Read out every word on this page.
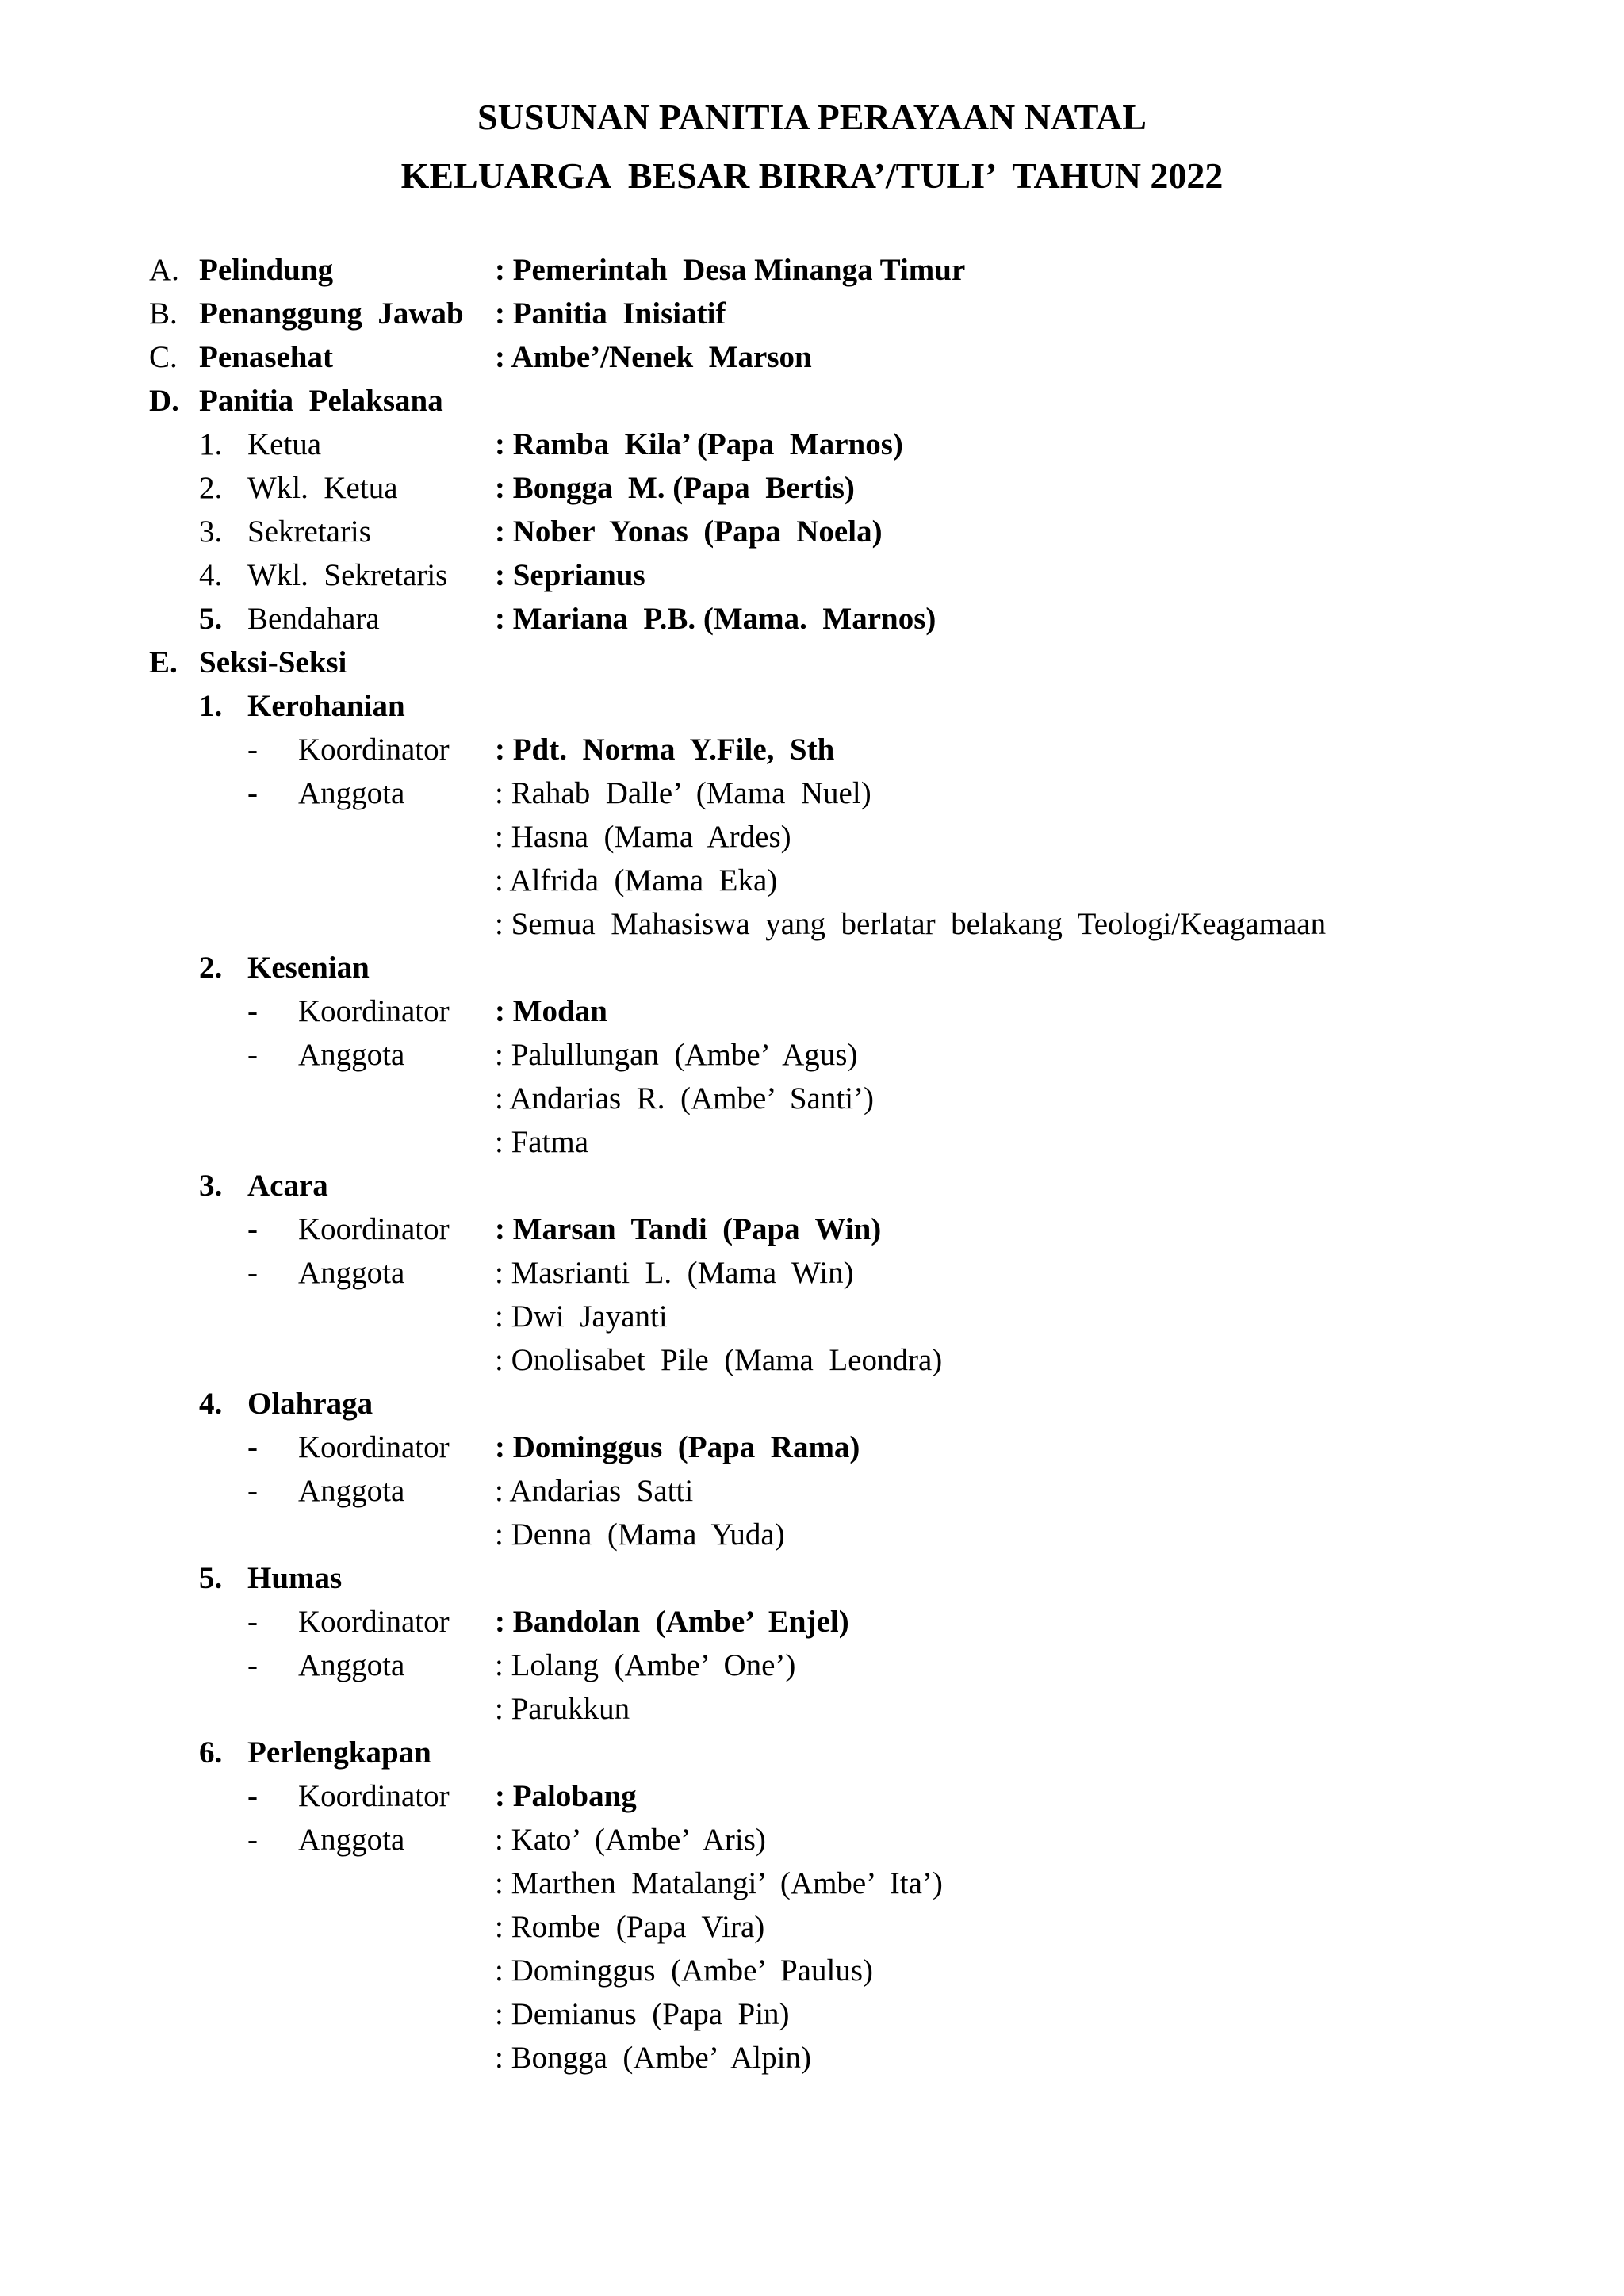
SUSUNAN PANITIA PERAYAAN NATAL
KELUARGA  BESAR BIRRA’/TULI’  TAHUN 2022
A. Pelindung	: Pemerintah  Desa Minanga Timur
B. Penanggung  Jawab : Panitia  Inisiatif
C. Penasehat	: Ambe’/Nenek  Marson
D. Panitia  Pelaksana
1. Ketua	: Ramba  Kila’ (Papa  Marnos)
2. Wkl.  Ketua	: Bongga  M. (Papa  Bertis)
3. Sekretaris	: Nober  Yonas  (Papa  Noela)
4. Wkl.  Sekretaris : Seprianus
5. Bendahara	: Mariana  P.B. (Mama.  Marnos)
E. Seksi-Seksi
1. Kerohanian
- Koordinator : Pdt.  Norma  Y.File,  Sth
- Anggota	: Rahab  Dalle’  (Mama  Nuel)
: Hasna  (Mama  Ardes)
: Alfrida  (Mama  Eka)
: Semua  Mahasiswa  yang  berlatar  belakang  Teologi/Keagamaan
2. Kesenian
- Koordinator : Modan
- Anggota	: Palullungan  (Ambe’  Agus)
: Andarias  R.  (Ambe’  Santi’)
: Fatma
3. Acara
- Koordinator : Marsan  Tandi  (Papa  Win)
- Anggota	: Masrianti  L.  (Mama  Win)
: Dwi  Jayanti
: Onolisabet  Pile  (Mama  Leondra)
4. Olahraga
- Koordinator : Dominggus  (Papa  Rama)
- Anggota	: Andarias  Satti
: Denna  (Mama  Yuda)
5. Humas
- Koordinator : Bandolan  (Ambe’  Enjel)
- Anggota	: Lolang  (Ambe’  One’)
: Parukkun
6. Perlengkapan
- Koordinator : Palobang
- Anggota	: Kato’  (Ambe’  Aris)
: Marthen  Matalangi’  (Ambe’  Ita’)
: Rombe  (Papa  Vira)
: Dominggus  (Ambe’  Paulus)
: Demianus  (Papa  Pin)
: Bongga  (Ambe’  Alpin)
